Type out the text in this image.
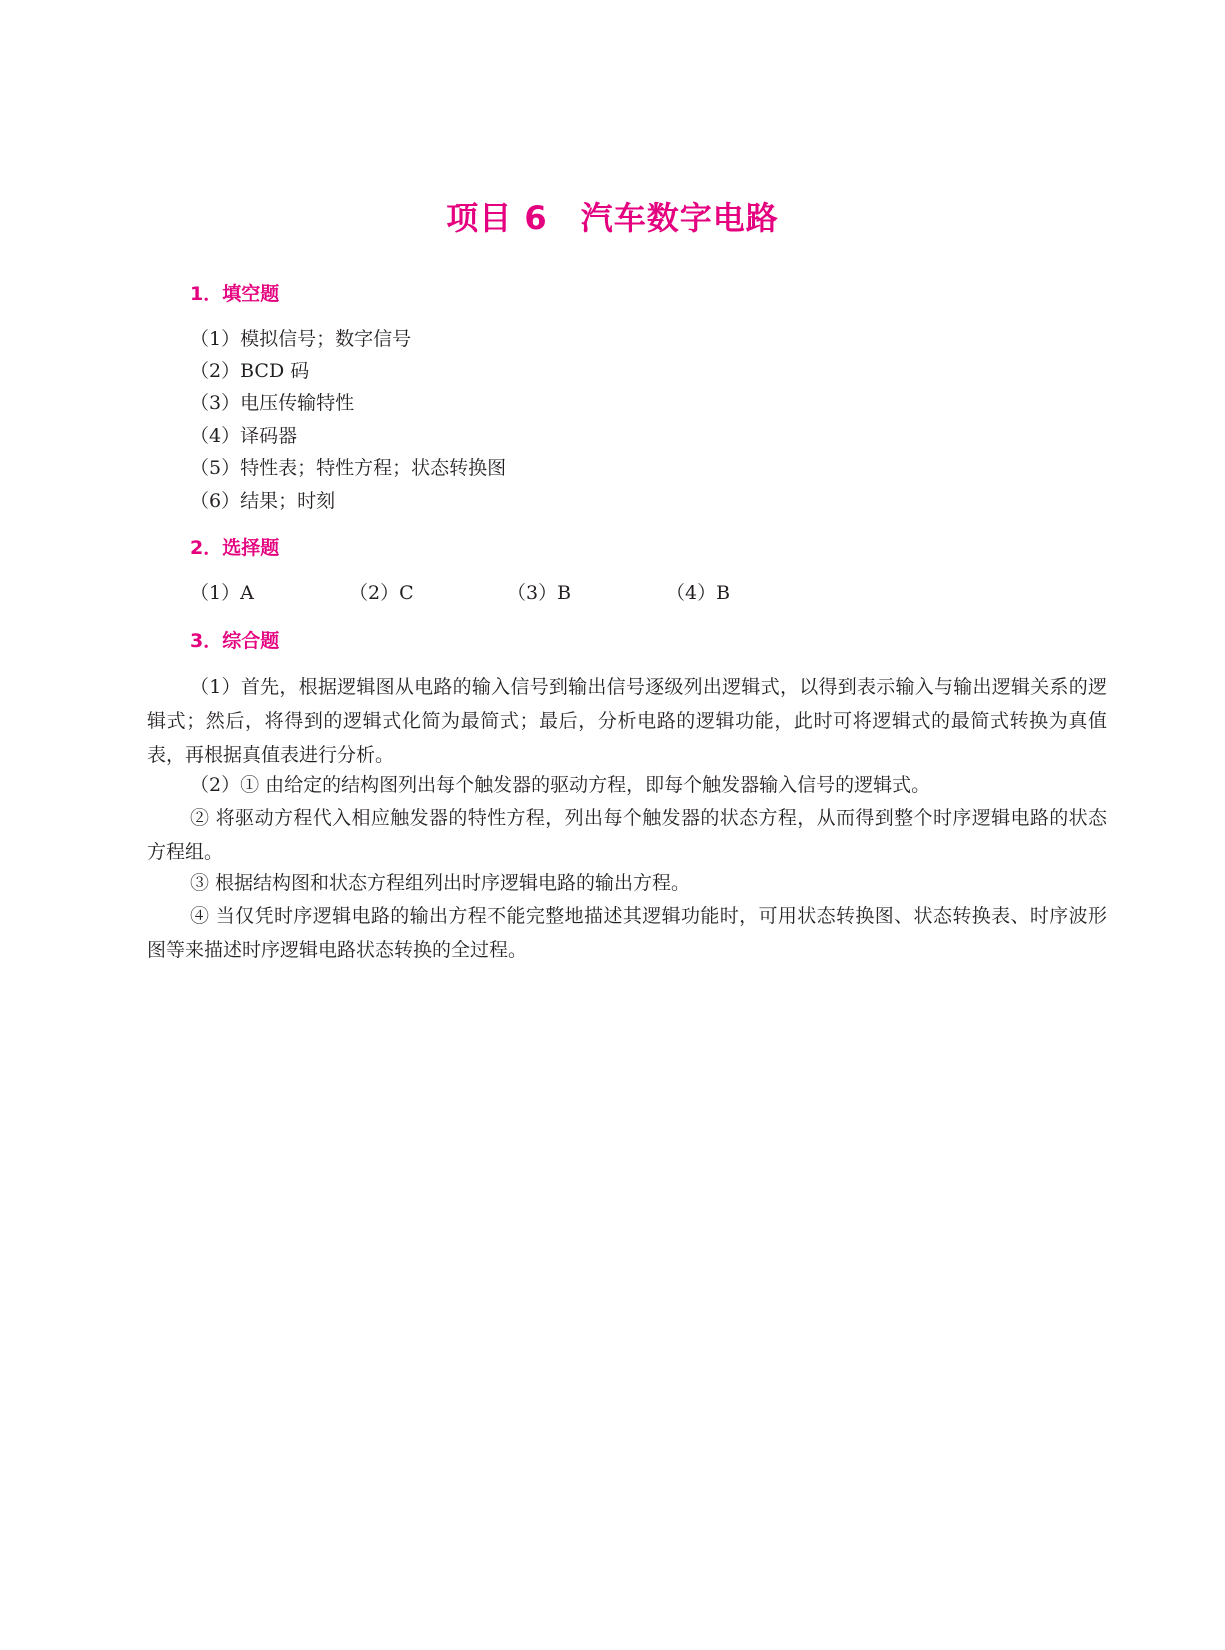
项目 6　汽车数字电路
1．填空题
（1）模拟信号；数字信号
（2）BCD 码
（3）电压传输特性
（4）译码器
（5）特性表；特性方程；状态转换图
（6）结果；时刻
2．选择题
（1）A	（2）C	（3）B	（4）B
3．综合题
（1）首先，根据逻辑图从电路的输入信号到输出信号逐级列出逻辑式，以得到表示输入与输出逻辑关系的逻辑式；然后，将得到的逻辑式化简为最简式；最后，分析电路的逻辑功能，此时可将逻辑式的最简式转换为真值表，再根据真值表进行分析。
（2）① 由给定的结构图列出每个触发器的驱动方程，即每个触发器输入信号的逻辑式。
② 将驱动方程代入相应触发器的特性方程，列出每个触发器的状态方程，从而得到整个时序逻辑电路的状态方程组。
③ 根据结构图和状态方程组列出时序逻辑电路的输出方程。
④ 当仅凭时序逻辑电路的输出方程不能完整地描述其逻辑功能时，可用状态转换图、状态转换表、时序波形图等来描述时序逻辑电路状态转换的全过程。
